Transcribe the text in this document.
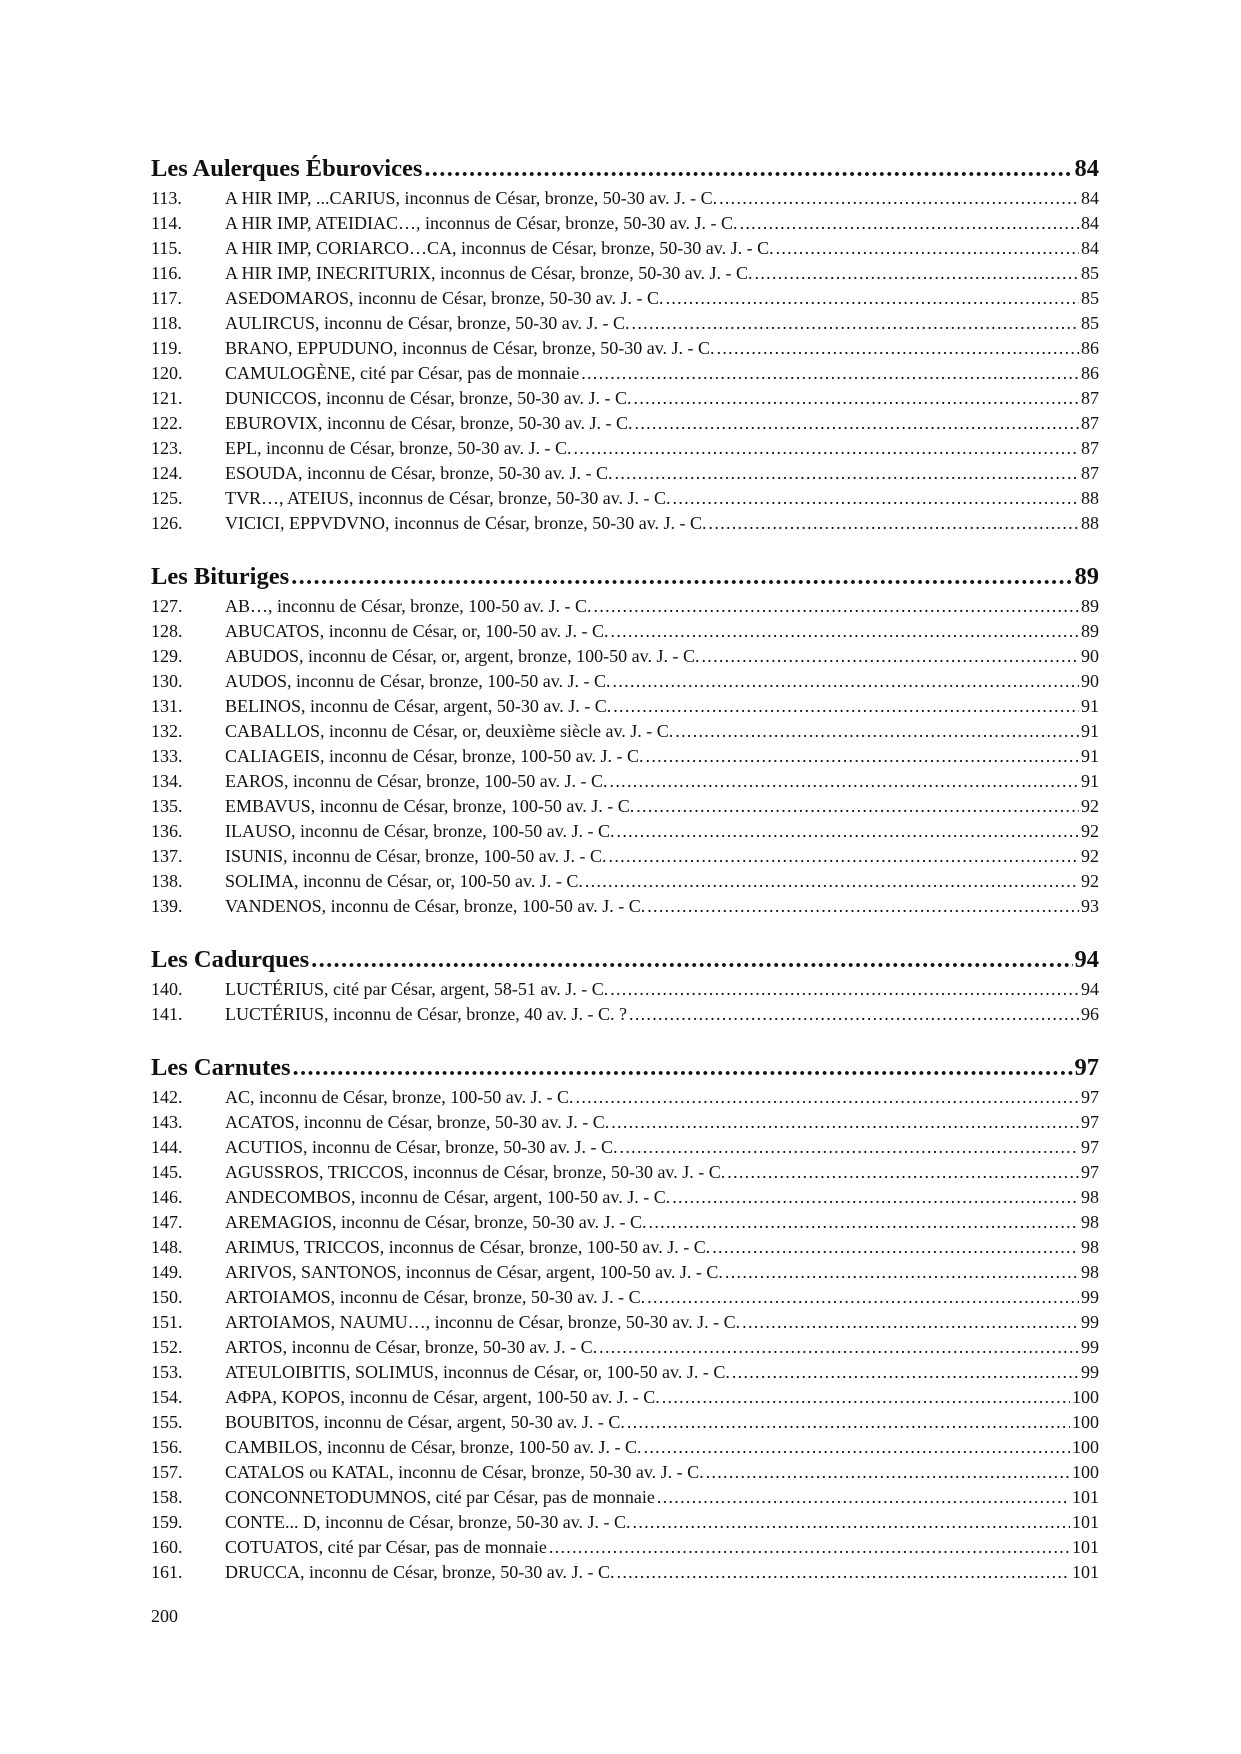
Les Aulerques Éburovices . . .	84
113.	A HIR IMP, ...CARIUS, inconnus de César, bronze, 50-30 av. J. - C. . . .	84
114.	A HIR IMP, ATEIDIAC…, inconnus de César, bronze, 50-30 av. J. - C. . . .	84
115.	A HIR IMP, CORIARCO…CA, inconnus de César, bronze, 50-30 av. J. - C. . . .	84
116.	A HIR IMP, INECRITURIX, inconnus de César, bronze, 50-30 av. J. - C. . . .	85
117.	ASEDOMAROS, inconnu de César, bronze, 50-30 av. J. - C. . . .	85
118.	AULIRCUS, inconnu de César, bronze, 50-30 av. J. - C. . . .	85
119.	BRANO, EPPUDUNO, inconnus de César, bronze, 50-30 av. J. - C. . . .	86
120.	CAMULOGÈNE, cité par César, pas de monnaie . . .	86
121.	DUNICCOS, inconnu de César, bronze, 50-30 av. J. - C. . . .	87
122.	EBUROVIX, inconnu de César, bronze, 50-30 av. J. - C. . . .	87
123.	EPL, inconnu de César, bronze, 50-30 av. J. - C. . . .	87
124.	ESOUDA, inconnu de César, bronze, 50-30 av. J. - C. . . .	87
125.	TVR…, ATEIUS, inconnus de César, bronze, 50-30 av. J. - C. . . .	88
126.	VICICI, EPPVDVNO, inconnus de César, bronze, 50-30 av. J. - C. . . .	88
Les Bituriges . . .	89
127.	AB…, inconnu de César, bronze, 100-50 av. J. - C. . . .	89
128.	ABUCATOS, inconnu de César, or, 100-50 av. J. - C. . . .	89
129.	ABUDOS, inconnu de César, or, argent, bronze, 100-50 av. J. - C. . . .	90
130.	AUDOS, inconnu de César, bronze, 100-50 av. J. - C. . . .	90
131.	BELINOS, inconnu de César, argent, 50-30 av. J. - C. . . .	91
132.	CABALLOS, inconnu de César, or, deuxième siècle av. J. - C. . . .	91
133.	CALIAGEIS, inconnu de César, bronze, 100-50 av. J. - C. . . .	91
134.	EAROS, inconnu de César, bronze, 100-50 av. J. - C. . . .	91
135.	EMBAVUS, inconnu de César, bronze, 100-50 av. J. - C. . . .	92
136.	ILAUSO, inconnu de César, bronze, 100-50 av. J. - C. . . .	92
137.	ISUNIS, inconnu de César, bronze, 100-50 av. J. - C. . . .	92
138.	SOLIMA, inconnu de César, or, 100-50 av. J. - C. . . .	92
139.	VANDENOS, inconnu de César, bronze, 100-50 av. J. - C. . . .	93
Les Cadurques . . .	94
140.	LUCTÉRIUS, cité par César, argent, 58-51 av. J. - C. . . .	94
141.	LUCTÉRIUS, inconnu de César, bronze, 40 av. J. - C. ? . . .	96
Les Carnutes . . .	97
142.	AC, inconnu de César, bronze, 100-50 av. J. - C. . . .	97
143.	ACATOS, inconnu de César, bronze, 50-30 av. J. - C. . . .	97
144.	ACUTIOS, inconnu de César, bronze, 50-30 av. J. - C. . . .	97
145.	AGUSSROS, TRICCOS, inconnus de César, bronze, 50-30 av. J. - C. . . .	97
146.	ANDECOMBOS, inconnu de César, argent, 100-50 av. J. - C. . . .	98
147.	AREMAGIOS, inconnu de César, bronze, 50-30 av. J. - C. . . .	98
148.	ARIMUS, TRICCOS, inconnus de César, bronze, 100-50 av. J. - C. . . .	98
149.	ARIVOS, SANTONOS, inconnus de César, argent, 100-50 av. J. - C. . . .	98
150.	ARTOIAMOS, inconnu de César, bronze, 50-30 av. J. - C. . . .	99
151.	ARTOIAMOS, NAUMU…, inconnu de César, bronze, 50-30 av. J. - C. . . .	99
152.	ARTOS, inconnu de César, bronze, 50-30 av. J. - C. . . .	99
153.	ATEULOIBITIS, SOLIMUS, inconnus de César, or, 100-50 av. J. - C. . . .	99
154.	AΦPA, KOPOS, inconnu de César, argent, 100-50 av. J. - C. . . .	100
155.	BOUBITOS, inconnu de César, argent, 50-30 av. J. - C. . . .	100
156.	CAMBILOS, inconnu de César, bronze, 100-50 av. J. - C. . . .	100
157.	CATALOS ou KATAL, inconnu de César, bronze, 50-30 av. J. - C. . . .	100
158.	CONCONNETODUMNOS, cité par César, pas de monnaie . . .	101
159.	CONTE... D, inconnu de César, bronze, 50-30 av. J. - C. . . .	101
160.	COTUATOS, cité par César, pas de monnaie . . .	101
161.	DRUCCA, inconnu de César, bronze, 50-30 av. J. - C. . . .	101
200
